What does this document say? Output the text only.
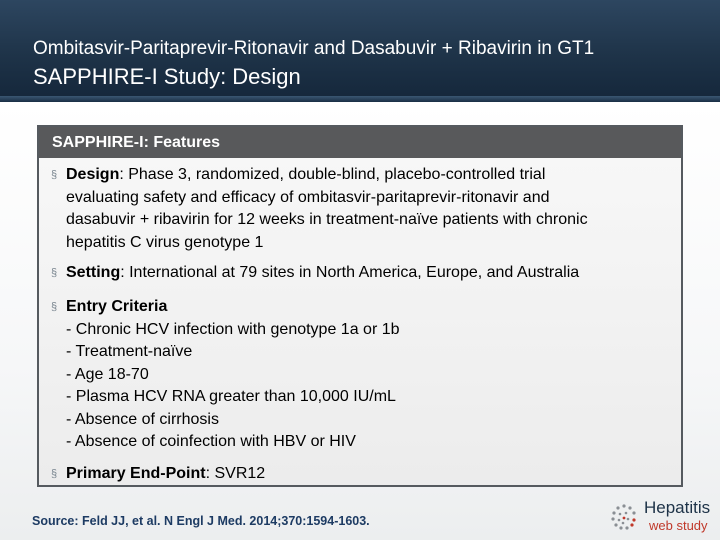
Ombitasvir-Paritaprevir-Ritonavir and Dasabuvir + Ribavirin in GT1
SAPPHIRE-I Study: Design
SAPPHIRE-I: Features
§ Design: Phase 3, randomized, double-blind, placebo-controlled trial
evaluating safety and efficacy of ombitasvir-paritaprevir-ritonavir and
dasabuvir + ribavirin for 12 weeks in treatment-naïve patients with chronic
hepatitis C virus genotype 1
§ Setting: International at 79 sites in North America, Europe, and Australia
§ Entry Criteria
- Chronic HCV infection with genotype 1a or 1b
- Treatment-naïve
- Age 18-70
- Plasma HCV RNA greater than 10,000 IU/mL
- Absence of cirrhosis
- Absence of coinfection with HBV or HIV
§ Primary End-Point: SVR12
Source: Feld JJ, et al. N Engl J Med. 2014;370:1594-1603.
Hepatitis
web study
